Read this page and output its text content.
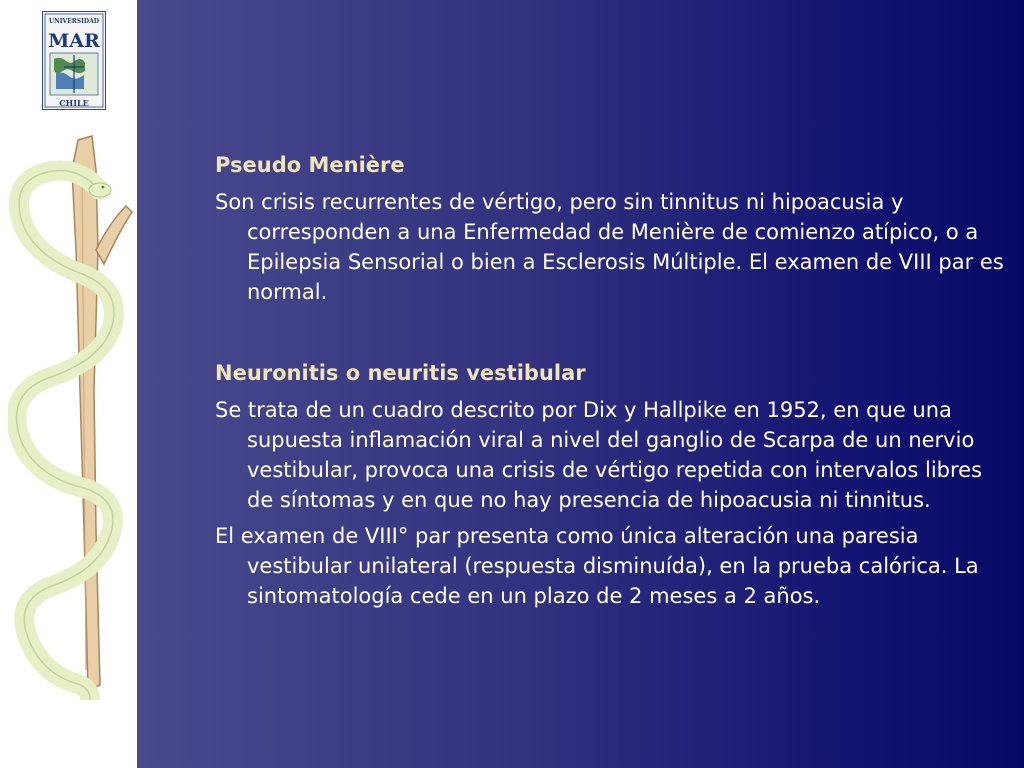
UNIVERSIDAD
MAR
CHILE
Pseudo Menière

Son crisis recurrentes de vértigo, pero sin tinnitus ni hipoacusia y corresponden a una Enfermedad de Menière de comienzo atípico, o a Epilepsia Sensorial o bien a Esclerosis Múltiple. El examen de VIII par es normal.

Neuronitis o neuritis vestibular

Se trata de un cuadro descrito por Dix y Hallpike en 1952, en que una supuesta inflamación viral a nivel del ganglio de Scarpa de un nervio vestibular, provoca una crisis de vértigo repetida con intervalos libres de síntomas y en que no hay presencia de hipoacusia ni tinnitus.

El examen de VIII° par presenta como única alteración una paresia vestibular unilateral (respuesta disminuída), en la prueba calórica. La sintomatología cede en un plazo de 2 meses a 2 años.
